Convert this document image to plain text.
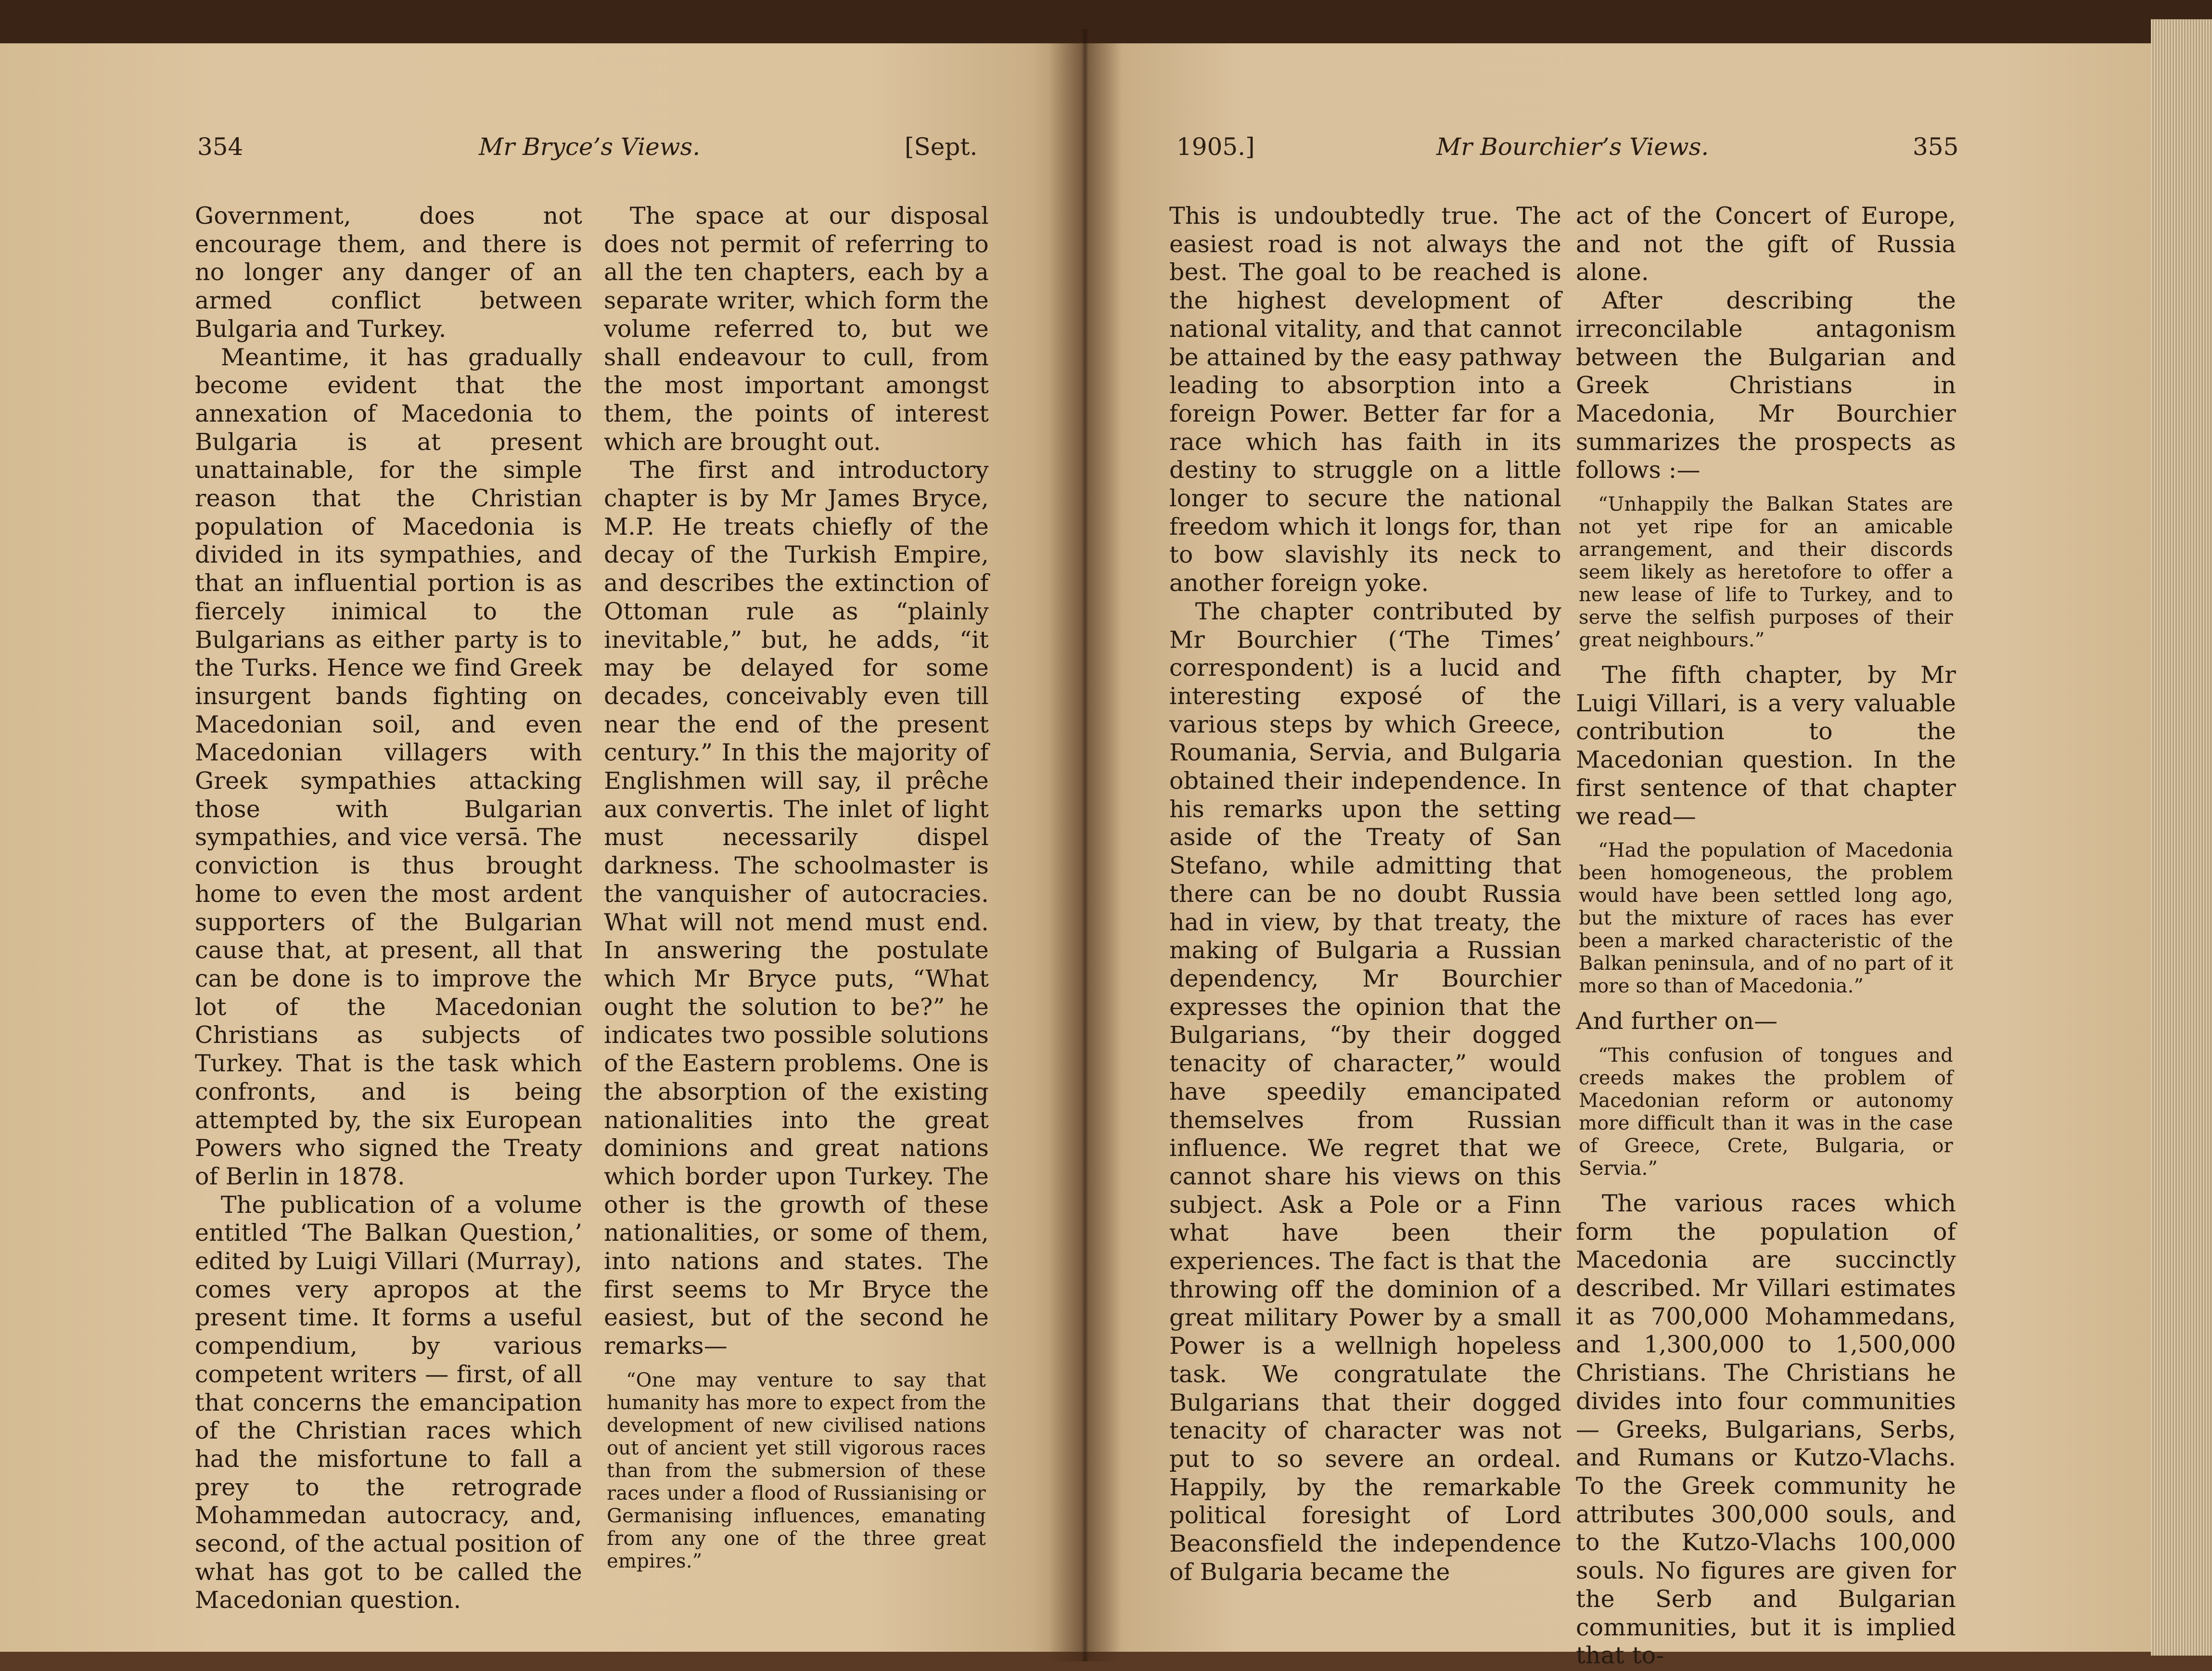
354	Mr Bryce’s Views.	[Sept.

Government, does not encourage them, and there is no longer any danger of an armed conflict between Bulgaria and Turkey.

Meantime, it has gradually become evident that the annexation of Macedonia to Bulgaria is at present unattainable, for the simple reason that the Christian population of Macedonia is divided in its sympathies, and that an influential portion is as fiercely inimical to the Bulgarians as either party is to the Turks. Hence we find Greek insurgent bands fighting on Macedonian soil, and even Macedonian villagers with Greek sympathies attacking those with Bulgarian sympathies, and vice versā. The conviction is thus brought home to even the most ardent supporters of the Bulgarian cause that, at present, all that can be done is to improve the lot of the Macedonian Christians as subjects of Turkey. That is the task which confronts, and is being attempted by, the six European Powers who signed the Treaty of Berlin in 1878.

The publication of a volume entitled ‘The Balkan Question,’ edited by Luigi Villari (Murray), comes very apropos at the present time. It forms a useful compendium, by various competent writers — first, of all that concerns the emancipation of the Christian races which had the misfortune to fall a prey to the retrograde Mohammedan autocracy, and, second, of the actual position of what has got to be called the Macedonian question.

The space at our disposal does not permit of referring to all the ten chapters, each by a separate writer, which form the volume referred to, but we shall endeavour to cull, from the most important amongst them, the points of interest which are brought out.

The first and introductory chapter is by Mr James Bryce, M.P. He treats chiefly of the decay of the Turkish Empire, and describes the extinction of Ottoman rule as “plainly inevitable,” but, he adds, “it may be delayed for some decades, conceivably even till near the end of the present century.” In this the majority of Englishmen will say, il prêche aux convertis. The inlet of light must necessarily dispel darkness. The schoolmaster is the vanquisher of autocracies. What will not mend must end. In answering the postulate which Mr Bryce puts, “What ought the solution to be?” he indicates two possible solutions of the Eastern problems. One is the absorption of the existing nationalities into the great dominions and great nations which border upon Turkey. The other is the growth of these nationalities, or some of them, into nations and states. The first seems to Mr Bryce the easiest, but of the second he remarks—

“One may venture to say that humanity has more to expect from the development of new civilised nations out of ancient yet still vigorous races than from the submersion of these races under a flood of Russianising or Germanising influences, emanating from any one of the three great empires.”

1905.]	Mr Bourchier’s Views.	355

This is undoubtedly true. The easiest road is not always the best. The goal to be reached is the highest development of national vitality, and that cannot be attained by the easy pathway leading to absorption into a foreign Power. Better far for a race which has faith in its destiny to struggle on a little longer to secure the national freedom which it longs for, than to bow slavishly its neck to another foreign yoke.

The chapter contributed by Mr Bourchier (‘The Times’ correspondent) is a lucid and interesting exposé of the various steps by which Greece, Roumania, Servia, and Bulgaria obtained their independence. In his remarks upon the setting aside of the Treaty of San Stefano, while admitting that there can be no doubt Russia had in view, by that treaty, the making of Bulgaria a Russian dependency, Mr Bourchier expresses the opinion that the Bulgarians, “by their dogged tenacity of character,” would have speedily emancipated themselves from Russian influence. We regret that we cannot share his views on this subject. Ask a Pole or a Finn what have been their experiences. The fact is that the throwing off the dominion of a great military Power by a small Power is a wellnigh hopeless task. We congratulate the Bulgarians that their dogged tenacity of character was not put to so severe an ordeal. Happily, by the remarkable political foresight of Lord Beaconsfield the independence of Bulgaria became the

act of the Concert of Europe, and not the gift of Russia alone.

After describing the irreconcilable antagonism between the Bulgarian and Greek Christians in Macedonia, Mr Bourchier summarizes the prospects as follows :—

“Unhappily the Balkan States are not yet ripe for an amicable arrangement, and their discords seem likely as heretofore to offer a new lease of life to Turkey, and to serve the selfish purposes of their great neighbours.”

The fifth chapter, by Mr Luigi Villari, is a very valuable contribution to the Macedonian question. In the first sentence of that chapter we read—

“Had the population of Macedonia been homogeneous, the problem would have been settled long ago, but the mixture of races has ever been a marked characteristic of the Balkan peninsula, and of no part of it more so than of Macedonia.”

And further on—

“This confusion of tongues and creeds makes the problem of Macedonian reform or autonomy more difficult than it was in the case of Greece, Crete, Bulgaria, or Servia.”

The various races which form the population of Macedonia are succinctly described. Mr Villari estimates it as 700,000 Mohammedans, and 1,300,000 to 1,500,000 Christians. The Christians he divides into four communities — Greeks, Bulgarians, Serbs, and Rumans or Kutzo-Vlachs. To the Greek community he attributes 300,000 souls, and to the Kutzo-Vlachs 100,000 souls. No figures are given for the Serb and Bulgarian communities, but it is implied that to-
